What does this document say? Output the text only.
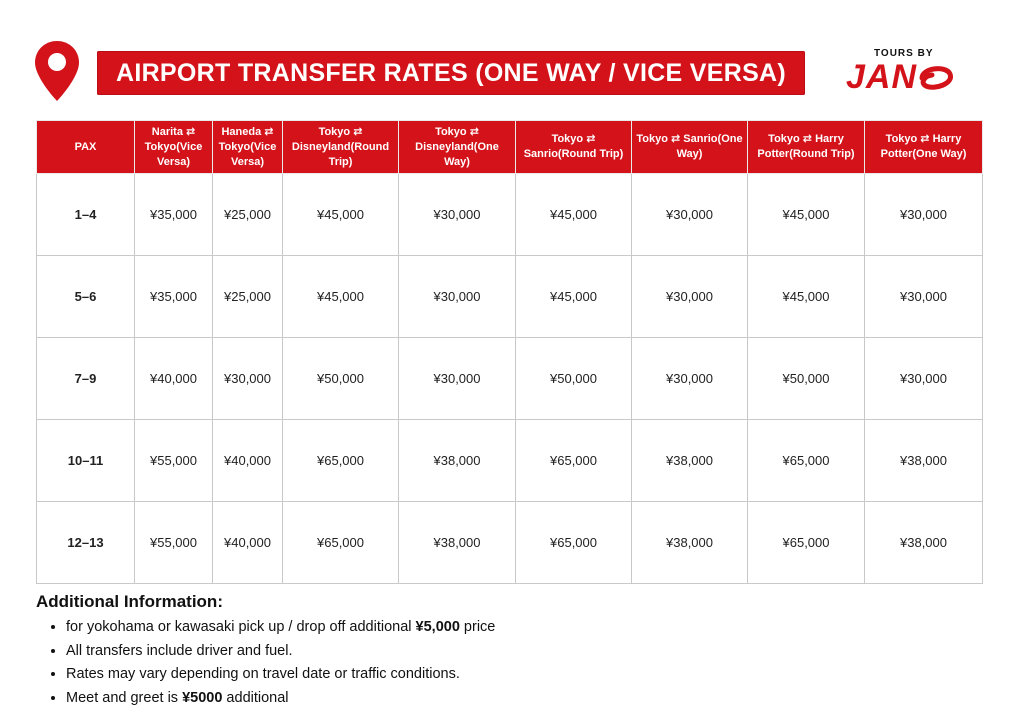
AIRPORT TRANSFER RATES (ONE WAY / VICE VERSA)
TOURS BY
JAN
PAX	Narita ⇄ Tokyo(Vice Versa)	Haneda ⇄ Tokyo(Vice Versa)	Tokyo ⇄ Disneyland(Round Trip)	Tokyo ⇄ Disneyland(One Way)	Tokyo ⇄ Sanrio(Round Trip)	Tokyo ⇄ Sanrio(One Way)	Tokyo ⇄ Harry Potter(Round Trip)	Tokyo ⇄ Harry Potter(One Way)
1–4	¥35,000	¥25,000	¥45,000	¥30,000	¥45,000	¥30,000	¥45,000	¥30,000
5–6	¥35,000	¥25,000	¥45,000	¥30,000	¥45,000	¥30,000	¥45,000	¥30,000
7–9	¥40,000	¥30,000	¥50,000	¥30,000	¥50,000	¥30,000	¥50,000	¥30,000
10–11	¥55,000	¥40,000	¥65,000	¥38,000	¥65,000	¥38,000	¥65,000	¥38,000
12–13	¥55,000	¥40,000	¥65,000	¥38,000	¥65,000	¥38,000	¥65,000	¥38,000
Additional Information:
• for yokohama or kawasaki pick up / drop off additional ¥5,000 price
• All transfers include driver and fuel.
• Rates may vary depending on travel date or traffic conditions.
• Meet and greet is ¥5000 additional
